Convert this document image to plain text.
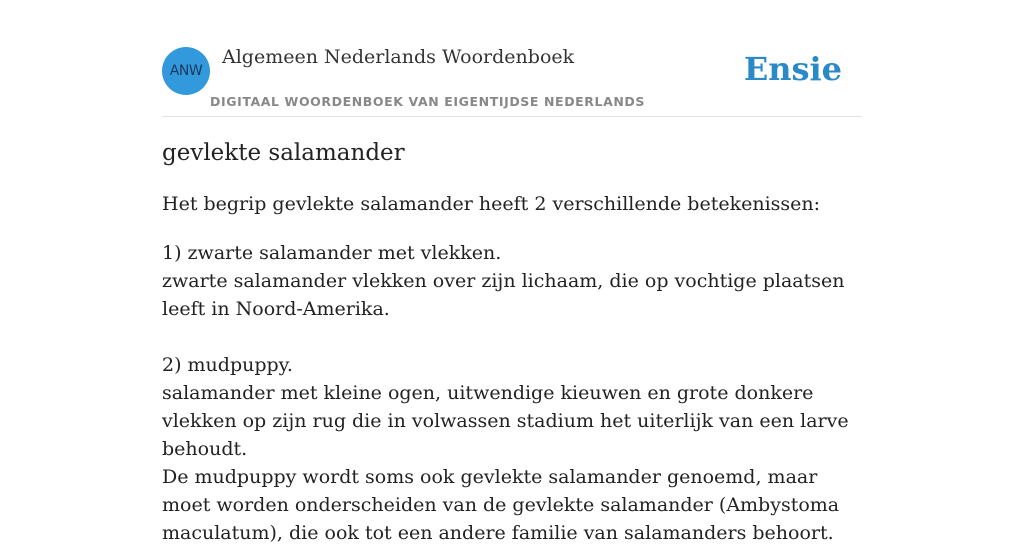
ANW
Algemeen Nederlands Woordenboek
DIGITAAL WOORDENBOEK VAN EIGENTIJDSE NEDERLANDS
Ensie
gevlekte salamander

Het begrip gevlekte salamander heeft 2 verschillende betekenissen:

1) zwarte salamander met vlekken.

zwarte salamander vlekken over zijn lichaam, die op vochtige plaatsen leeft in Noord-Amerika.

2) mudpuppy.

salamander met kleine ogen, uitwendige kieuwen en grote donkere vlekken op zijn rug die in volwassen stadium het uiterlijk van een larve behoudt.

De mudpuppy wordt soms ook gevlekte salamander genoemd, maar moet worden onderscheiden van de gevlekte salamander (Ambystoma maculatum), die ook tot een andere familie van salamanders behoort.
